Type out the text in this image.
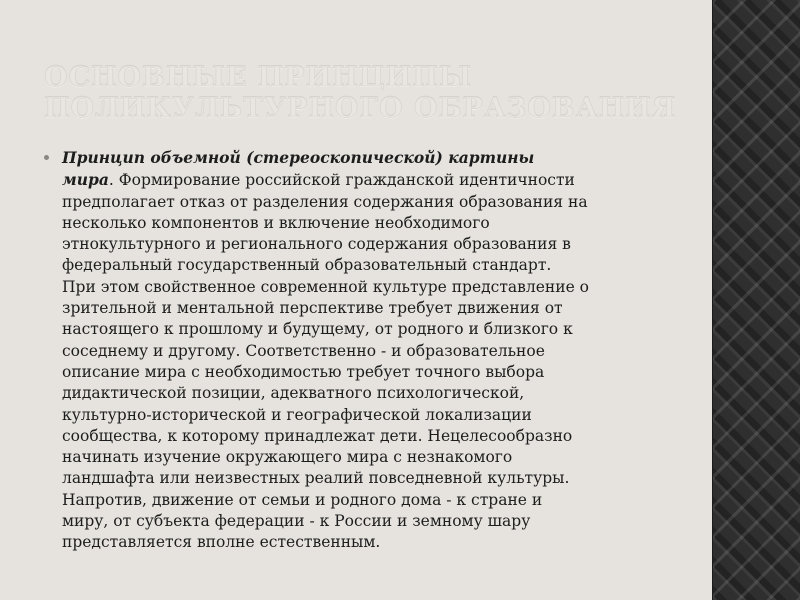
ОСНОВНЫЕ ПРИНЦИПЫ
ПОЛИКУЛЬТУРНОГО ОБРАЗОВАНИЯ

Принцип объемной (стереоскопической) картины
мира. Формирование российской гражданской идентичности
предполагает отказ от разделения содержания образования на
несколько компонентов и включение необходимого
этнокультурного и регионального содержания образования в
федеральный государственный образовательный стандарт.
При этом свойственное современной культуре представление о
зрительной и ментальной перспективе требует движения от
настоящего к прошлому и будущему, от родного и близкого к
соседнему и другому. Соответственно - и образовательное
описание мира с необходимостью требует точного выбора
дидактической позиции, адекватного психологической,
культурно-исторической и географической локализации
сообщества, к которому принадлежат дети. Нецелесообразно
начинать изучение окружающего мира с незнакомого
ландшафта или неизвестных реалий повседневной культуры.
Напротив, движение от семьи и родного дома - к стране и
миру, от субъекта федерации - к России и земному шару
представляется вполне естественным.
